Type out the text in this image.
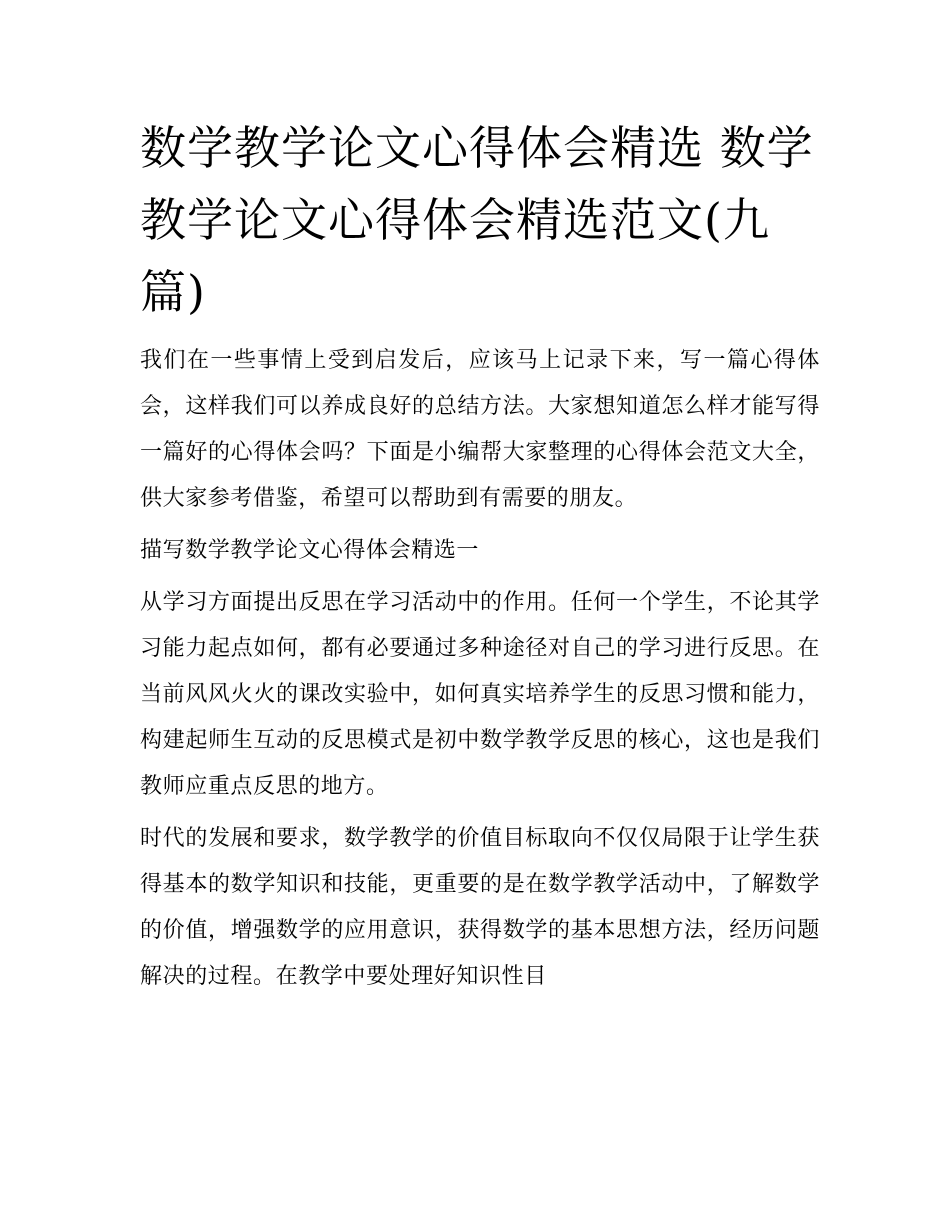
数学教学论文心得体会精选 数学教学论文心得体会精选范文(九篇)

我们在一些事情上受到启发后，应该马上记录下来，写一篇心得体会，这样我们可以养成良好的总结方法。大家想知道怎么样才能写得一篇好的心得体会吗？下面是小编帮大家整理的心得体会范文大全，供大家参考借鉴，希望可以帮助到有需要的朋友。

描写数学教学论文心得体会精选一

从学习方面提出反思在学习活动中的作用。任何一个学生，不论其学习能力起点如何，都有必要通过多种途径对自己的学习进行反思。在当前风风火火的课改实验中，如何真实培养学生的反思习惯和能力，构建起师生互动的反思模式是初中数学教学反思的核心，这也是我们教师应重点反思的地方。

时代的发展和要求，数学教学的价值目标取向不仅仅局限于让学生获得基本的数学知识和技能，更重要的是在数学教学活动中，了解数学的价值，增强数学的应用意识，获得数学的基本思想方法，经历问题解决的过程。在教学中要处理好知识性目
